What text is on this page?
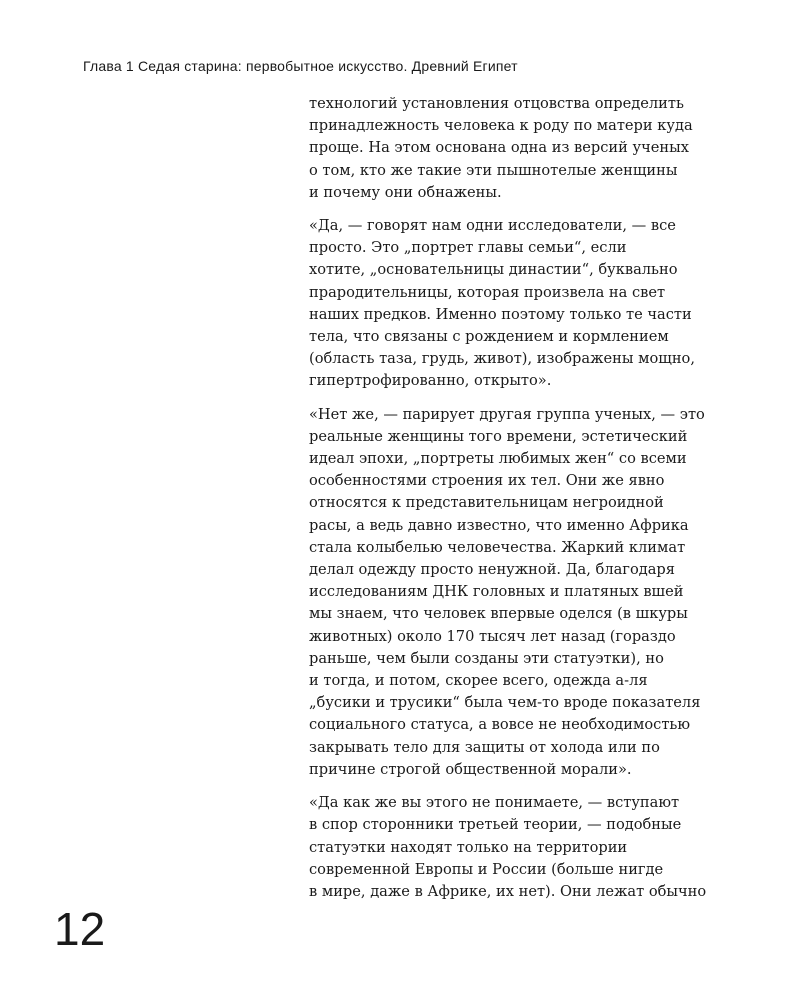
Глава 1 Седая старина: первобытное искусство. Древний Египет

технологий установления отцовства определить
принадлежность человека к роду по матери куда
проще. На этом основана одна из версий ученых
о том, кто же такие эти пышнотелые женщины
и почему они обнажены.

«Да, — говорят нам одни исследователи, — все
просто. Это „портрет главы семьи“, если
хотите, „основательницы династии“, буквально
прародительницы, которая произвела на свет
наших предков. Именно поэтому только те части
тела, что связаны с рождением и кормлением
(область таза, грудь, живот), изображены мощно,
гипертрофированно, открыто».

«Нет же, — парирует другая группа ученых, — это
реальные женщины того времени, эстетический
идеал эпохи, „портреты любимых жен“ со всеми
особенностями строения их тел. Они же явно
относятся к представительницам негроидной
расы, а ведь давно известно, что именно Африка
стала колыбелью человечества. Жаркий климат
делал одежду просто ненужной. Да, благодаря
исследованиям ДНК головных и платяных вшей
мы знаем, что человек впервые оделся (в шкуры
животных) около 170 тысяч лет назад (гораздо
раньше, чем были созданы эти статуэтки), но
и тогда, и потом, скорее всего, одежда а-ля
„бусики и трусики“ была чем-то вроде показателя
социального статуса, а вовсе не необходимостью
закрывать тело для защиты от холода или по
причине строгой общественной морали».

«Да как же вы этого не понимаете, — вступают
в спор сторонники третьей теории, — подобные
статуэтки находят только на территории
современной Европы и России (больше нигде
в мире, даже в Африке, их нет). Они лежат обычно

12
